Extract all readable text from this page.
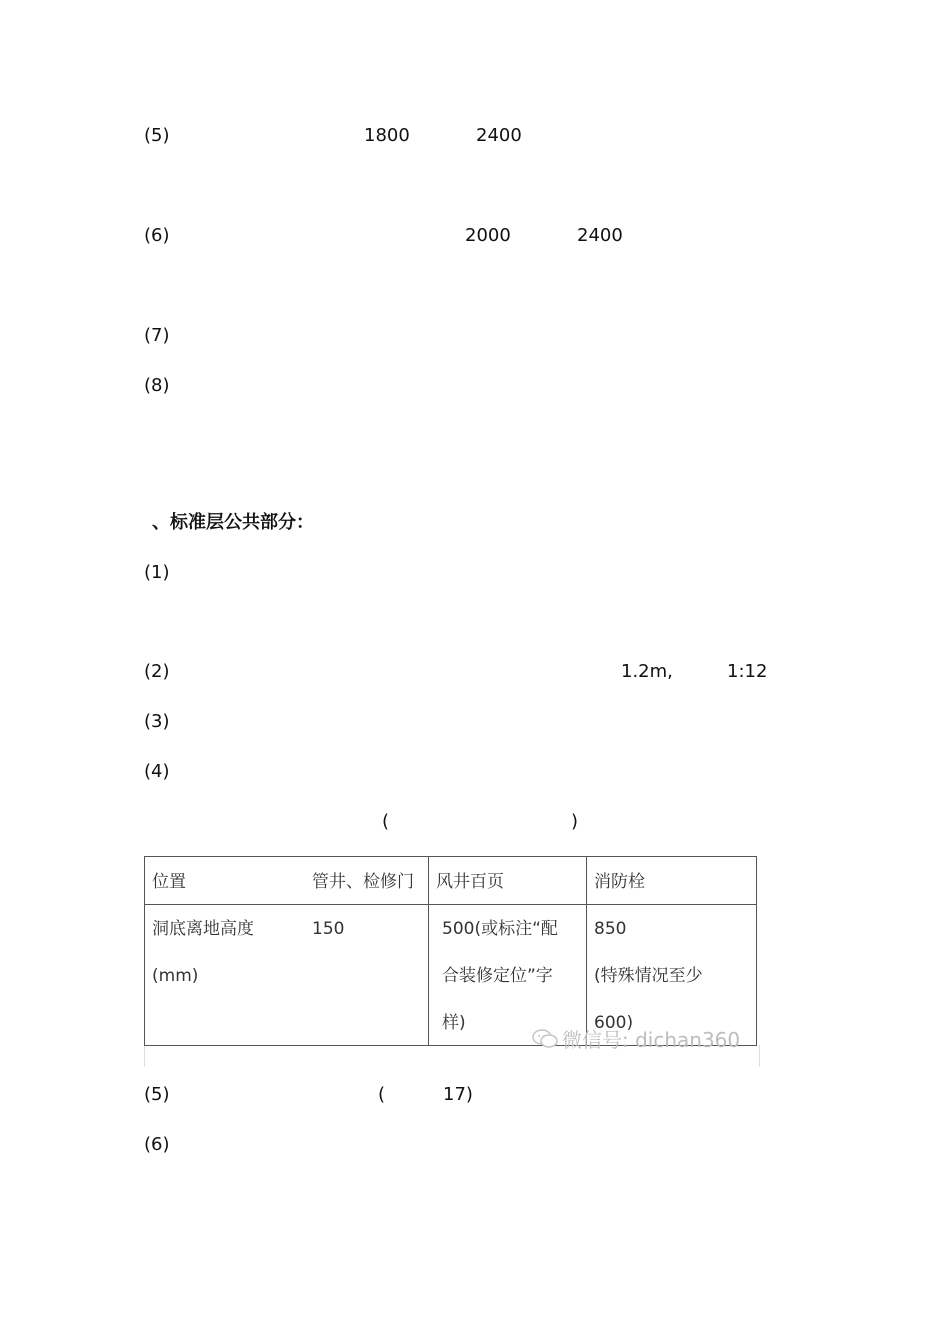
(5)	1800	2400
(6)	2000	2400
(7)
(8)
、标准层公共部分：
(1)
(2)	1.2m,	1:12
(3)
(4)
(	)
位置 管井、检修门	风井百页	消防栓

洞底离地高度
(mm)
150	500(或标注“配
合装修定位”字
样)	850
(特殊情况至少
600)
微信号: dichan360
(5)	(	17)
(6)
